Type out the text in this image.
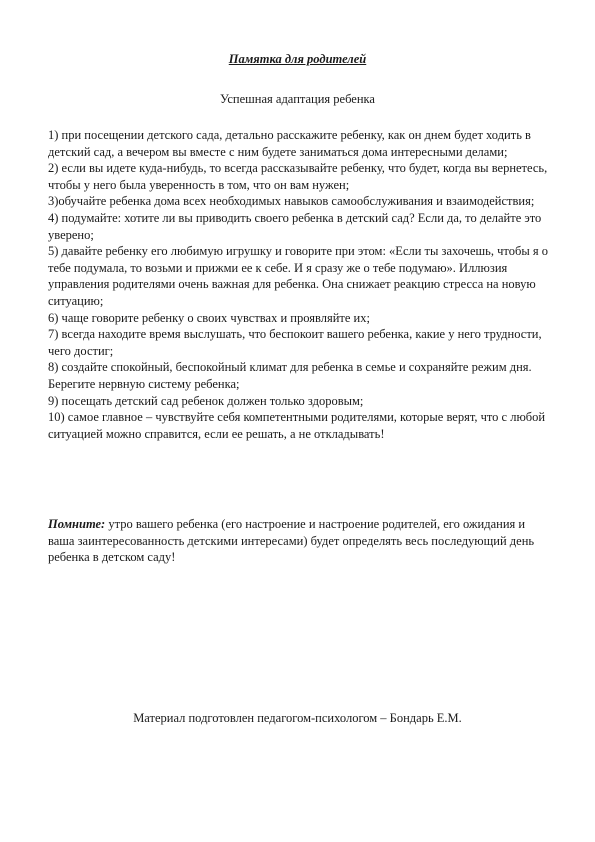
Памятка для родителей
Успешная адаптация ребенка

1) при посещении детского сада, детально расскажите ребенку, как он днем будет ходить в детский сад, а вечером вы вместе с ним будете заниматься дома интересными делами;

2) если вы идете куда-нибудь, то всегда рассказывайте ребенку, что будет, когда вы вернетесь, чтобы у него была уверенность в том, что он вам нужен;

3)обучайте ребенка дома всех необходимых навыков самообслуживания и взаимодействия;

4) подумайте: хотите ли вы приводить своего ребенка в детский сад? Если да, то делайте это уверено;

5) давайте ребенку его любимую игрушку и говорите при этом: «Если ты захочешь, чтобы я о тебе подумала, то возьми и прижми ее к себе. И я сразу же о тебе подумаю». Иллюзия управления родителями очень важная для ребенка. Она снижает реакцию стресса на новую ситуацию;

6) чаще говорите ребенку о своих чувствах и проявляйте их;

7) всегда находите время выслушать, что беспокоит вашего ребенка, какие у него трудности, чего достиг;

8) создайте спокойный, беспокойный климат для ребенка в семье и сохраняйте режим дня. Берегите нервную систему ребенка;

9) посещать детский сад ребенок должен только здоровым;

10) самое главное – чувствуйте себя компетентными родителями, которые верят, что с любой ситуацией можно справится, если ее решать, а не откладывать!

Помните: утро вашего ребенка (его настроение и настроение родителей, его ожидания и ваша заинтересованность детскими интересами) будет определять весь последующий день ребенка в детском саду!
Материал подготовлен педагогом-психологом – Бондарь Е.М.
